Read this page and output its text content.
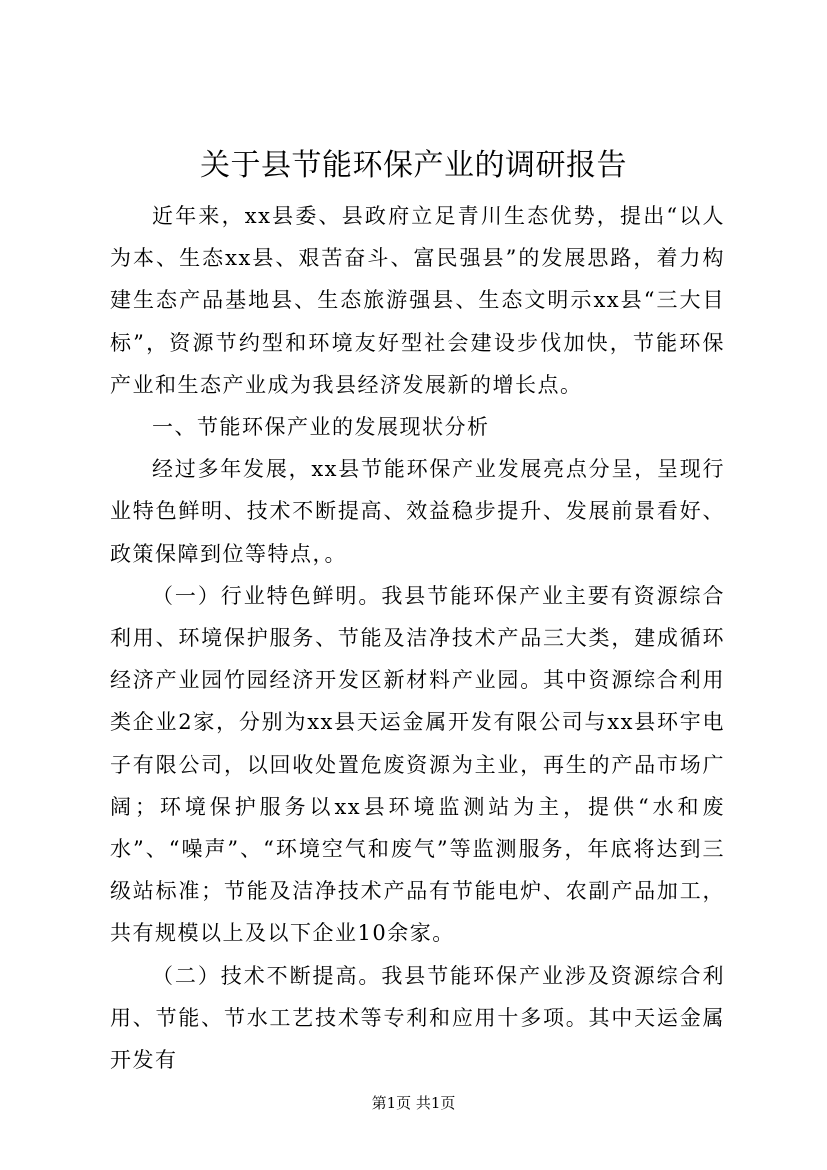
关于县节能环保产业的调研报告

近年来，xx县委、县政府立足青川生态优势，提出“以人为本、生态xx县、艰苦奋斗、富民强县”的发展思路，着力构建生态产品基地县、生态旅游强县、生态文明示xx县“三大目标”，资源节约型和环境友好型社会建设步伐加快，节能环保产业和生态产业成为我县经济发展新的增长点。

一、节能环保产业的发展现状分析

经过多年发展，xx县节能环保产业发展亮点分呈，呈现行业特色鲜明、技术不断提高、效益稳步提升、发展前景看好、政策保障到位等特点，。

（一）行业特色鲜明。我县节能环保产业主要有资源综合利用、环境保护服务、节能及洁净技术产品三大类，建成循环经济产业园竹园经济开发区新材料产业园。其中资源综合利用类企业2家，分别为xx县天运金属开发有限公司与xx县环宇电子有限公司，以回收处置危废资源为主业，再生的产品市场广阔；环境保护服务以xx县环境监测站为主，提供“水和废水”、“噪声”、“环境空气和废气”等监测服务，年底将达到三级站标准；节能及洁净技术产品有节能电炉、农副产品加工，共有规模以上及以下企业10余家。

（二）技术不断提高。我县节能环保产业涉及资源综合利用、节能、节水工艺技术等专利和应用十多项。其中天运金属开发有

第1页 共1页
